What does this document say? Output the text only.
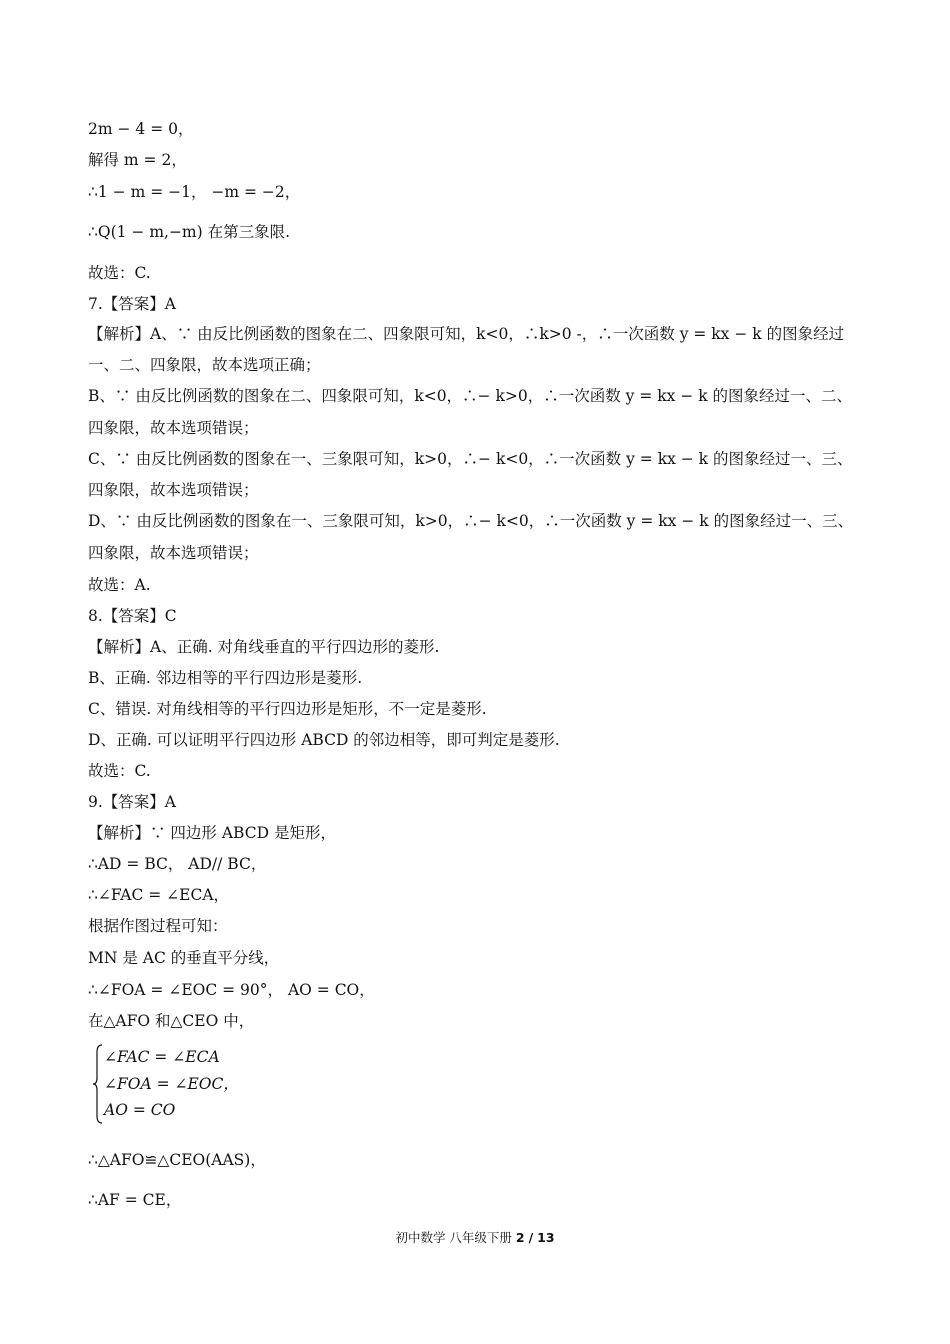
2m − 4 = 0，
解得 m = 2，
∴1 − m = −1， −m = −2，
∴Q(1 − m,−m) 在第三象限.
故选：C.
7.【答案】A
【解析】A、∵ 由反比例函数的图象在二、四象限可知，k<0，∴k>0 -，∴一次函数 y = kx − k 的图象经过
一、二、四象限，故本选项正确；
B、∵ 由反比例函数的图象在二、四象限可知，k<0，∴− k>0，∴一次函数 y = kx − k 的图象经过一、二、
四象限，故本选项错误；
C、∵ 由反比例函数的图象在一、三象限可知，k>0，∴− k<0，∴一次函数 y = kx − k 的图象经过一、三、
四象限，故本选项错误；
D、∵ 由反比例函数的图象在一、三象限可知，k>0，∴− k<0，∴一次函数 y = kx − k 的图象经过一、三、
四象限，故本选项错误；
故选：A.
8.【答案】C
【解析】A、正确. 对角线垂直的平行四边形的菱形.
B、正确. 邻边相等的平行四边形是菱形.
C、错误. 对角线相等的平行四边形是矩形，不一定是菱形.
D、正确. 可以证明平行四边形 ABCD 的邻边相等，即可判定是菱形.
故选：C.
9.【答案】A
【解析】∵ 四边形 ABCD 是矩形，
∴AD = BC， AD// BC，
∴∠FAC = ∠ECA，
根据作图过程可知：
MN 是 AC 的垂直平分线，
∴∠FOA = ∠EOC = 90°， AO = CO，
在△AFO 和△CEO 中，
∠FAC = ∠ECA
∠FOA = ∠EOC，
AO = CO
∴△AFO≌△CEO(AAS)，
∴AF = CE，
初中数学 八年级下册 2 / 13
